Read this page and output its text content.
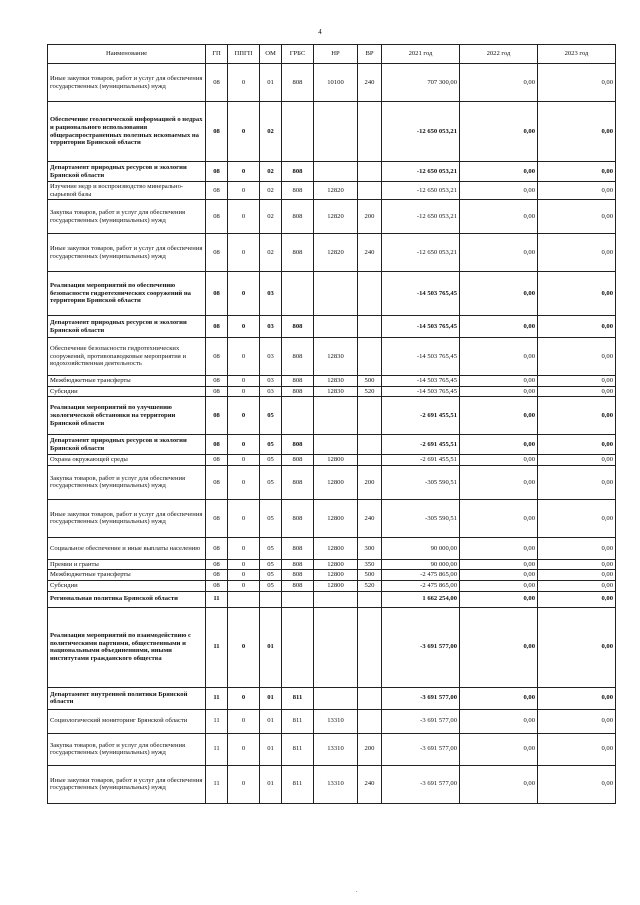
4
Наименование	ГП	ППГП	ОМ	ГРБС	НР	ВР	2021 год	2022 год	2023 год
Иные закупки товаров, работ и услуг для обеспечения государственных (муниципальных) нужд	08	0	01	808	10100	240	707 300,00	0,00	0,00
Обеспечение геологической информацией о недрах и рационального использования общераспространенных полезных ископаемых на территории Брянской области	08	0	02				-12 650 053,21	0,00	0,00
Департамент природных ресурсов и экологии Брянской области	08	0	02	808			-12 650 053,21	0,00	0,00
Изучение недр и воспроизводство минерально-сырьевой базы	08	0	02	808	12820		-12 650 053,21	0,00	0,00
Закупка товаров, работ и услуг для обеспечения государственных (муниципальных) нужд	08	0	02	808	12820	200	-12 650 053,21	0,00	0,00
Иные закупки товаров, работ и услуг для обеспечения государственных (муниципальных) нужд	08	0	02	808	12820	240	-12 650 053,21	0,00	0,00
Реализация мероприятий по обеспечению безопасности гидротехнических сооружений на территории Брянской области	08	0	03				-14 503 765,45	0,00	0,00
Департамент природных ресурсов и экологии Брянской области	08	0	03	808			-14 503 765,45	0,00	0,00
Обеспечение безопасности гидротехнических сооружений, противопаводковые мероприятия и водохозяйственная деятельность	08	0	03	808	12830		-14 503 765,45	0,00	0,00
Межбюджетные трансферты	08	0	03	808	12830	500	-14 503 765,45	0,00	0,00
Субсидии	08	0	03	808	12830	520	-14 503 765,45	0,00	0,00
Реализация мероприятий по улучшению экологической обстановки на территории Брянской области	08	0	05				-2 691 455,51	0,00	0,00
Департамент природных ресурсов и экологии Брянской области	08	0	05	808			-2 691 455,51	0,00	0,00
Охрана окружающей среды	08	0	05	808	12800		-2 691 455,51	0,00	0,00
Закупка товаров, работ и услуг для обеспечения государственных (муниципальных) нужд	08	0	05	808	12800	200	-305 590,51	0,00	0,00
Иные закупки товаров, работ и услуг для обеспечения государственных (муниципальных) нужд	08	0	05	808	12800	240	-305 590,51	0,00	0,00
Социальное обеспечение и иные выплаты населению	08	0	05	808	12800	300	90 000,00	0,00	0,00
Премии и гранты	08	0	05	808	12800	350	90 000,00	0,00	0,00
Межбюджетные трансферты	08	0	05	808	12800	500	-2 475 865,00	0,00	0,00
Субсидии	08	0	05	808	12800	520	-2 475 865,00	0,00	0,00
Региональная политика Брянской области	11						1 662 254,00	0,00	0,00
Реализация мероприятий по взаимодействию с политическими партиями, общественными и национальными объединениями, иными институтами гражданского общества	11	0	01				-3 691 577,00	0,00	0,00
Департамент внутренней политики Брянской области	11	0	01	811			-3 691 577,00	0,00	0,00
Социологический мониторинг Брянской области	11	0	01	811	13310		-3 691 577,00	0,00	0,00
Закупка товаров, работ и услуг для обеспечения государственных (муниципальных) нужд	11	0	01	811	13310	200	-3 691 577,00	0,00	0,00
Иные закупки товаров, работ и услуг для обеспечения государственных (муниципальных) нужд	11	0	01	811	13310	240	-3 691 577,00	0,00	0,00
.
